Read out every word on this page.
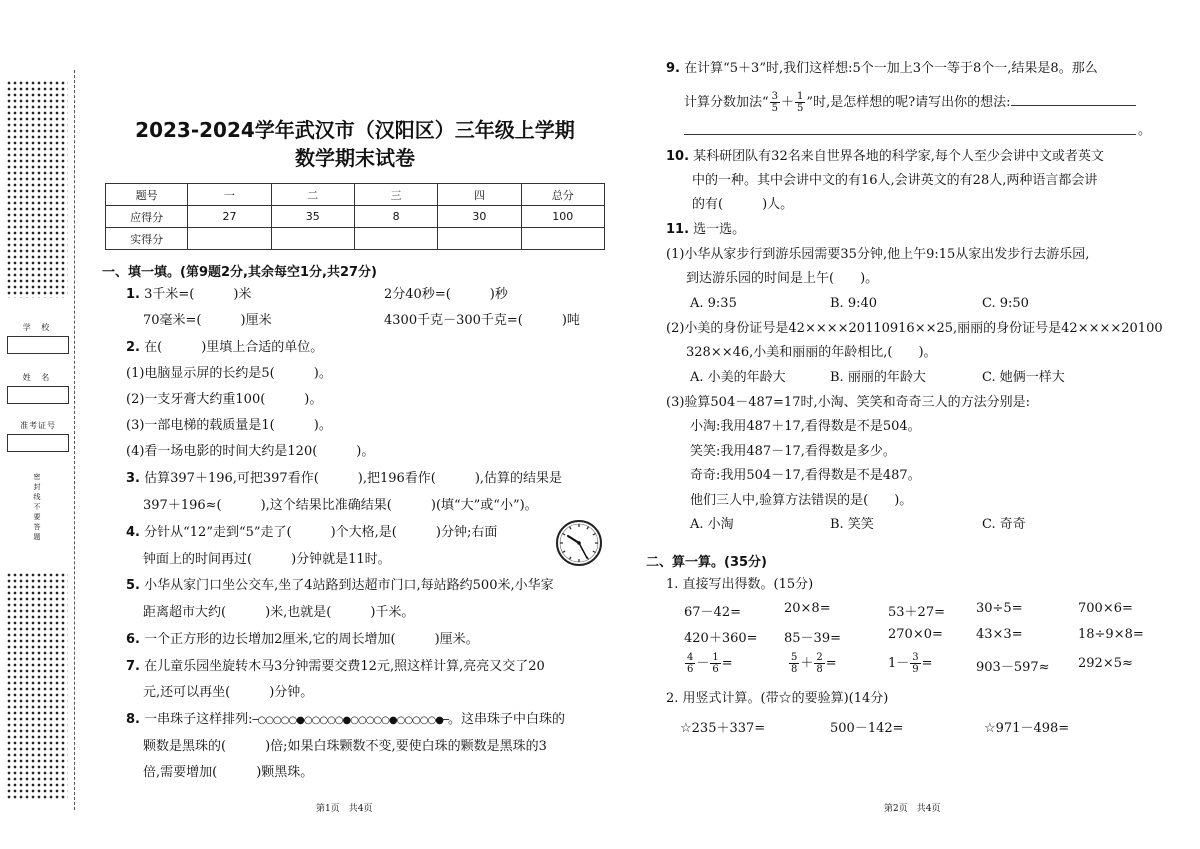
学 校
姓 名
准考证号
密封线不要答题
2023-2024学年武汉市（汉阳区）三年级上学期
数学期末试卷
题号	一	二	三	四	总分
应得分	27	35	8	30	100
实得分					
一、填一填。(第9题2分,其余每空1分,共27分)
1. 3千米=(　　　)米	2分40秒=(　　　)秒
70毫米=(　　　)厘米	4300千克－300千克=(　　　)吨
2. 在(　　　)里填上合适的单位。
(1)电脑显示屏的长约是5(　　　)。
(2)一支牙膏大约重100(　　　)。
(3)一部电梯的载质量是1(　　　)。
(4)看一场电影的时间大约是120(　　　)。
3. 估算397＋196,可把397看作(　　　),把196看作(　　　),估算的结果是
397＋196≈(　　　),这个结果比准确结果(　　　)(填“大”或“小”)。
4. 分针从“12”走到“5”走了(　　　)个大格,是(　　　)分钟;右面
钟面上的时间再过(　　　)分钟就是11时。
5. 小华从家门口坐公交车,坐了4站路到达超市门口,每站路约500米,小华家
距离超市大约(　　　)米,也就是(　　　)千米。
6. 一个正方形的边长增加2厘米,它的周长增加(　　　)厘米。
7. 在儿童乐园坐旋转木马3分钟需要交费12元,照这样计算,亮亮又交了20
元,还可以再坐(　　　)分钟。
8. 一串珠子这样排列:─○○○○○●○○○○○●○○○○○●○○○○○●─。这串珠子中白珠的
颗数是黑珠的(　　　)倍;如果白珠颗数不变,要使白珠的颗数是黑珠的3
倍,需要增加(　　　)颗黑珠。
第1页　共4页
9. 在计算“5＋3”时,我们这样想:5个一加上3个一等于8个一,结果是8。那么
计算分数加法“ $\frac{3}{5} + \frac{1}{5}$ ”时,是怎样想的呢?请写出你的想法:
。
10. 某科研团队有32名来自世界各地的科学家,每个人至少会讲中文或者英文
中的一种。其中会讲中文的有16人,会讲英文的有28人,两种语言都会讲
的有(　　　)人。
11. 选一选。
(1)小华从家步行到游乐园需要35分钟,他上午9:15从家出发步行去游乐园,
到达游乐园的时间是上午(　　)。
A. 9:35	B. 9:40	C. 9:50
(2)小美的身份证号是42××××20110916××25,丽丽的身份证号是42××××20100
328××46,小美和丽丽的年龄相比,(　　)。
A. 小美的年龄大	B. 丽丽的年龄大	C. 她俩一样大
(3)验算504－487=17时,小淘、笑笑和奇奇三人的方法分别是:
小淘:我用487＋17,看得数是不是504。
笑笑:我用487－17,看得数是多少。
奇奇:我用504－17,看得数是不是487。
他们三人中,验算方法错误的是(　　)。
A. 小淘	B. 笑笑	C. 奇奇
二、算一算。(35分)
1. 直接写出得数。(15分)
67－42=	20×8=	53＋27= 30÷5=	700×6=
420＋360= 85－39=	270×0=	43×3=	18÷9×8=
$\frac{4}{6} - \frac{1}{6}$ =	$\frac{5}{8} + \frac{2}{8}$ =	$1- \frac{3}{9}$ =	903－597≈ 292×5≈
2. 用竖式计算。(带☆的要验算)(14分)
☆235＋337=	500－142=	☆971－498=
第2页　共4页
